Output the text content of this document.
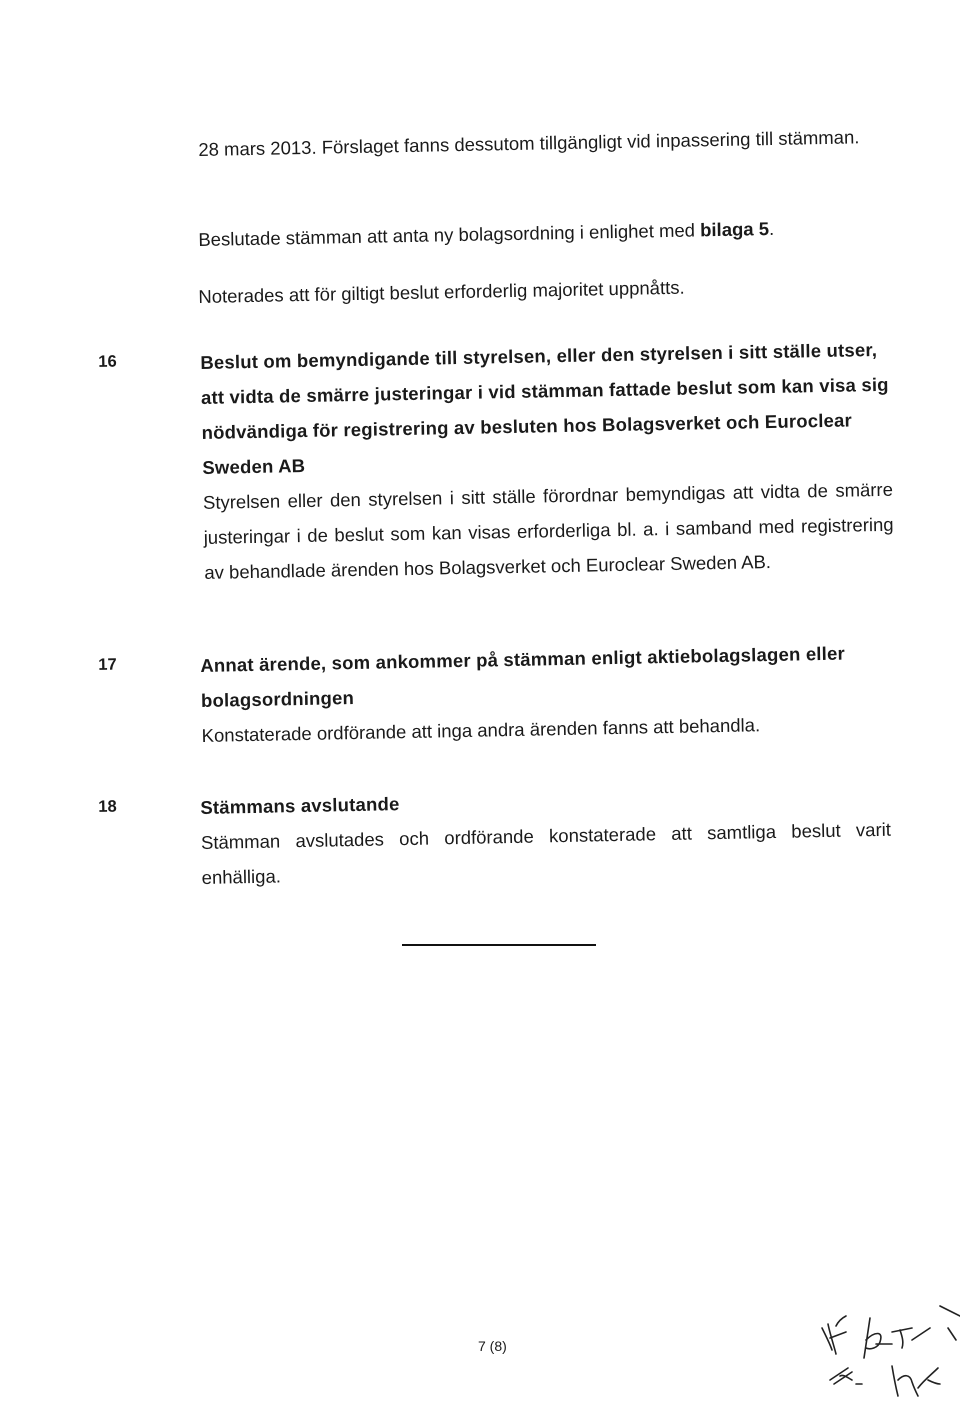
28 mars 2013. Förslaget fanns dessutom tillgängligt vid inpassering till stämman.

Beslutade stämman att anta ny bolagsordning i enlighet med bilaga 5.

Noterades att för giltigt beslut erforderlig majoritet uppnåtts.

16	Beslut om bemyndigande till styrelsen, eller den styrelsen i sitt ställe utser, att vidta de smärre justeringar i vid stämman fattade beslut som kan visa sig nödvändiga för registrering av besluten hos Bolagsverket och Euroclear Sweden AB

Styrelsen eller den styrelsen i sitt ställe förordnar bemyndigas att vidta de smärre justeringar i de beslut som kan visas erforderliga bl. a. i samband med registrering av behandlade ärenden hos Bolagsverket och Euroclear Sweden AB.

17	Annat ärende, som ankommer på stämman enligt aktiebolagslagen eller bolagsordningen

Konstaterade ordförande att inga andra ärenden fanns att behandla.

18	Stämmans avslutande

Stämman avslutades och ordförande konstaterade att samtliga beslut varit enhälliga.

7 (8)
